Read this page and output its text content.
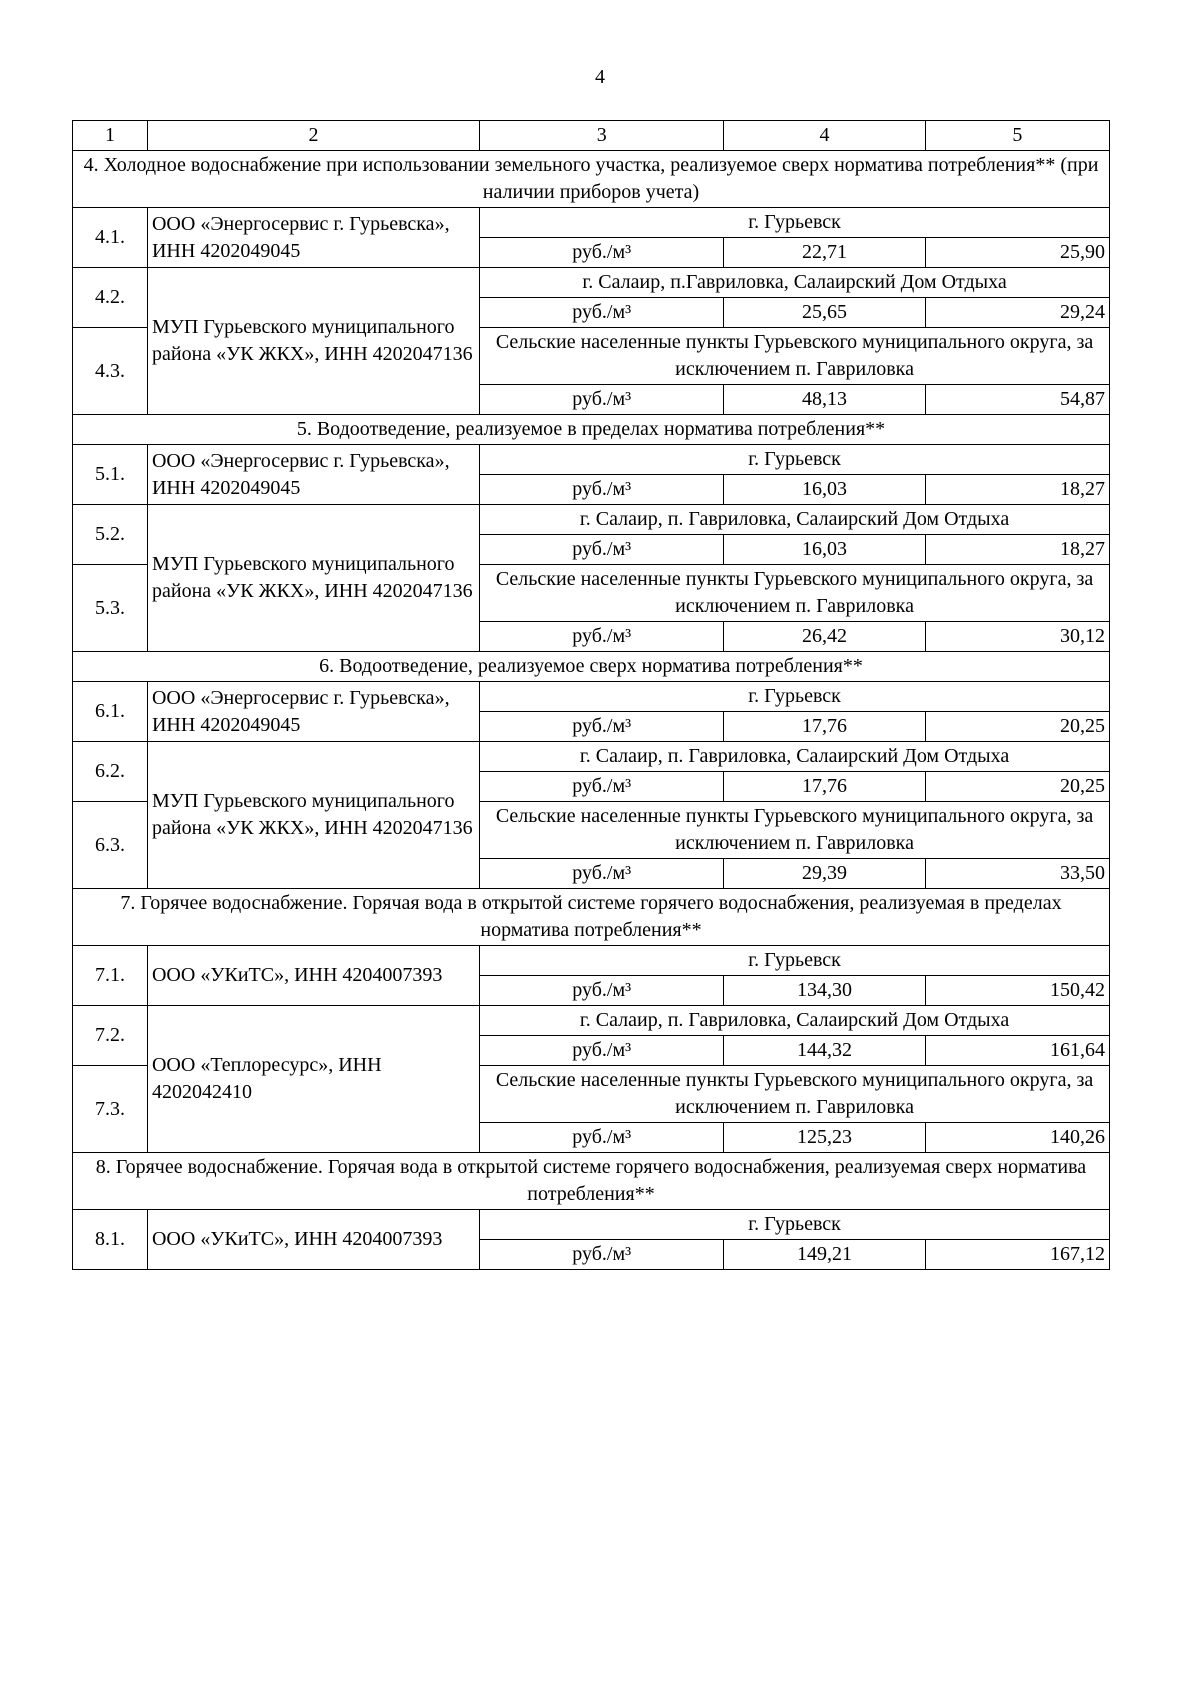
4
1	2	3	4	5
4. Холодное водоснабжение при использовании земельного участка, реализуемое сверх норматива потребления** (при наличии приборов учета)				
4.1.	ООО «Энергосервис г. Гурьевска», ИНН 4202049045	г. Гурьевск		
		руб./м³	22,71	25,90
4.2.	МУП Гурьевского муниципального района «УК ЖКХ», ИНН 4202047136	г. Салаир, п.Гавриловка, Салаирский Дом Отдыха		
		руб./м³	25,65	29,24
4.3.		Сельские населенные пункты Гурьевского муниципального округа, за исключением п. Гавриловка		
		руб./м³	48,13	54,87
5. Водоотведение, реализуемое в пределах норматива потребления**				
5.1.	ООО «Энергосервис г. Гурьевска», ИНН 4202049045	г. Гурьевск		
		руб./м³	16,03	18,27
5.2.	МУП Гурьевского муниципального района «УК ЖКХ», ИНН 4202047136	г. Салаир, п. Гавриловка, Салаирский Дом Отдыха		
		руб./м³	16,03	18,27
5.3.		Сельские населенные пункты Гурьевского муниципального округа, за исключением п. Гавриловка		
		руб./м³	26,42	30,12
6. Водоотведение, реализуемое сверх норматива потребления**				
6.1.	ООО «Энергосервис г. Гурьевска», ИНН 4202049045	г. Гурьевск		
		руб./м³	17,76	20,25
6.2.	МУП Гурьевского муниципального района «УК ЖКХ», ИНН 4202047136	г. Салаир, п. Гавриловка, Салаирский Дом Отдыха		
		руб./м³	17,76	20,25
6.3.		Сельские населенные пункты Гурьевского муниципального округа, за исключением п. Гавриловка		
		руб./м³	29,39	33,50
7. Горячее водоснабжение. Горячая вода в открытой системе горячего водоснабжения, реализуемая в пределах норматива потребления**				
7.1.	ООО «УКиТС», ИНН 4204007393	г. Гурьевск		
		руб./м³	134,30	150,42
7.2.	ООО «Теплоресурс», ИНН 4202042410	г. Салаир, п. Гавриловка, Салаирский Дом Отдыха		
		руб./м³	144,32	161,64
7.3.		Сельские населенные пункты Гурьевского муниципального округа, за исключением п. Гавриловка		
		руб./м³	125,23	140,26
8. Горячее водоснабжение. Горячая вода в открытой системе горячего водоснабжения, реализуемая сверх норматива потребления**				
8.1.	ООО «УКиТС», ИНН 4204007393	г. Гурьевск		
		руб./м³	149,21	167,12
